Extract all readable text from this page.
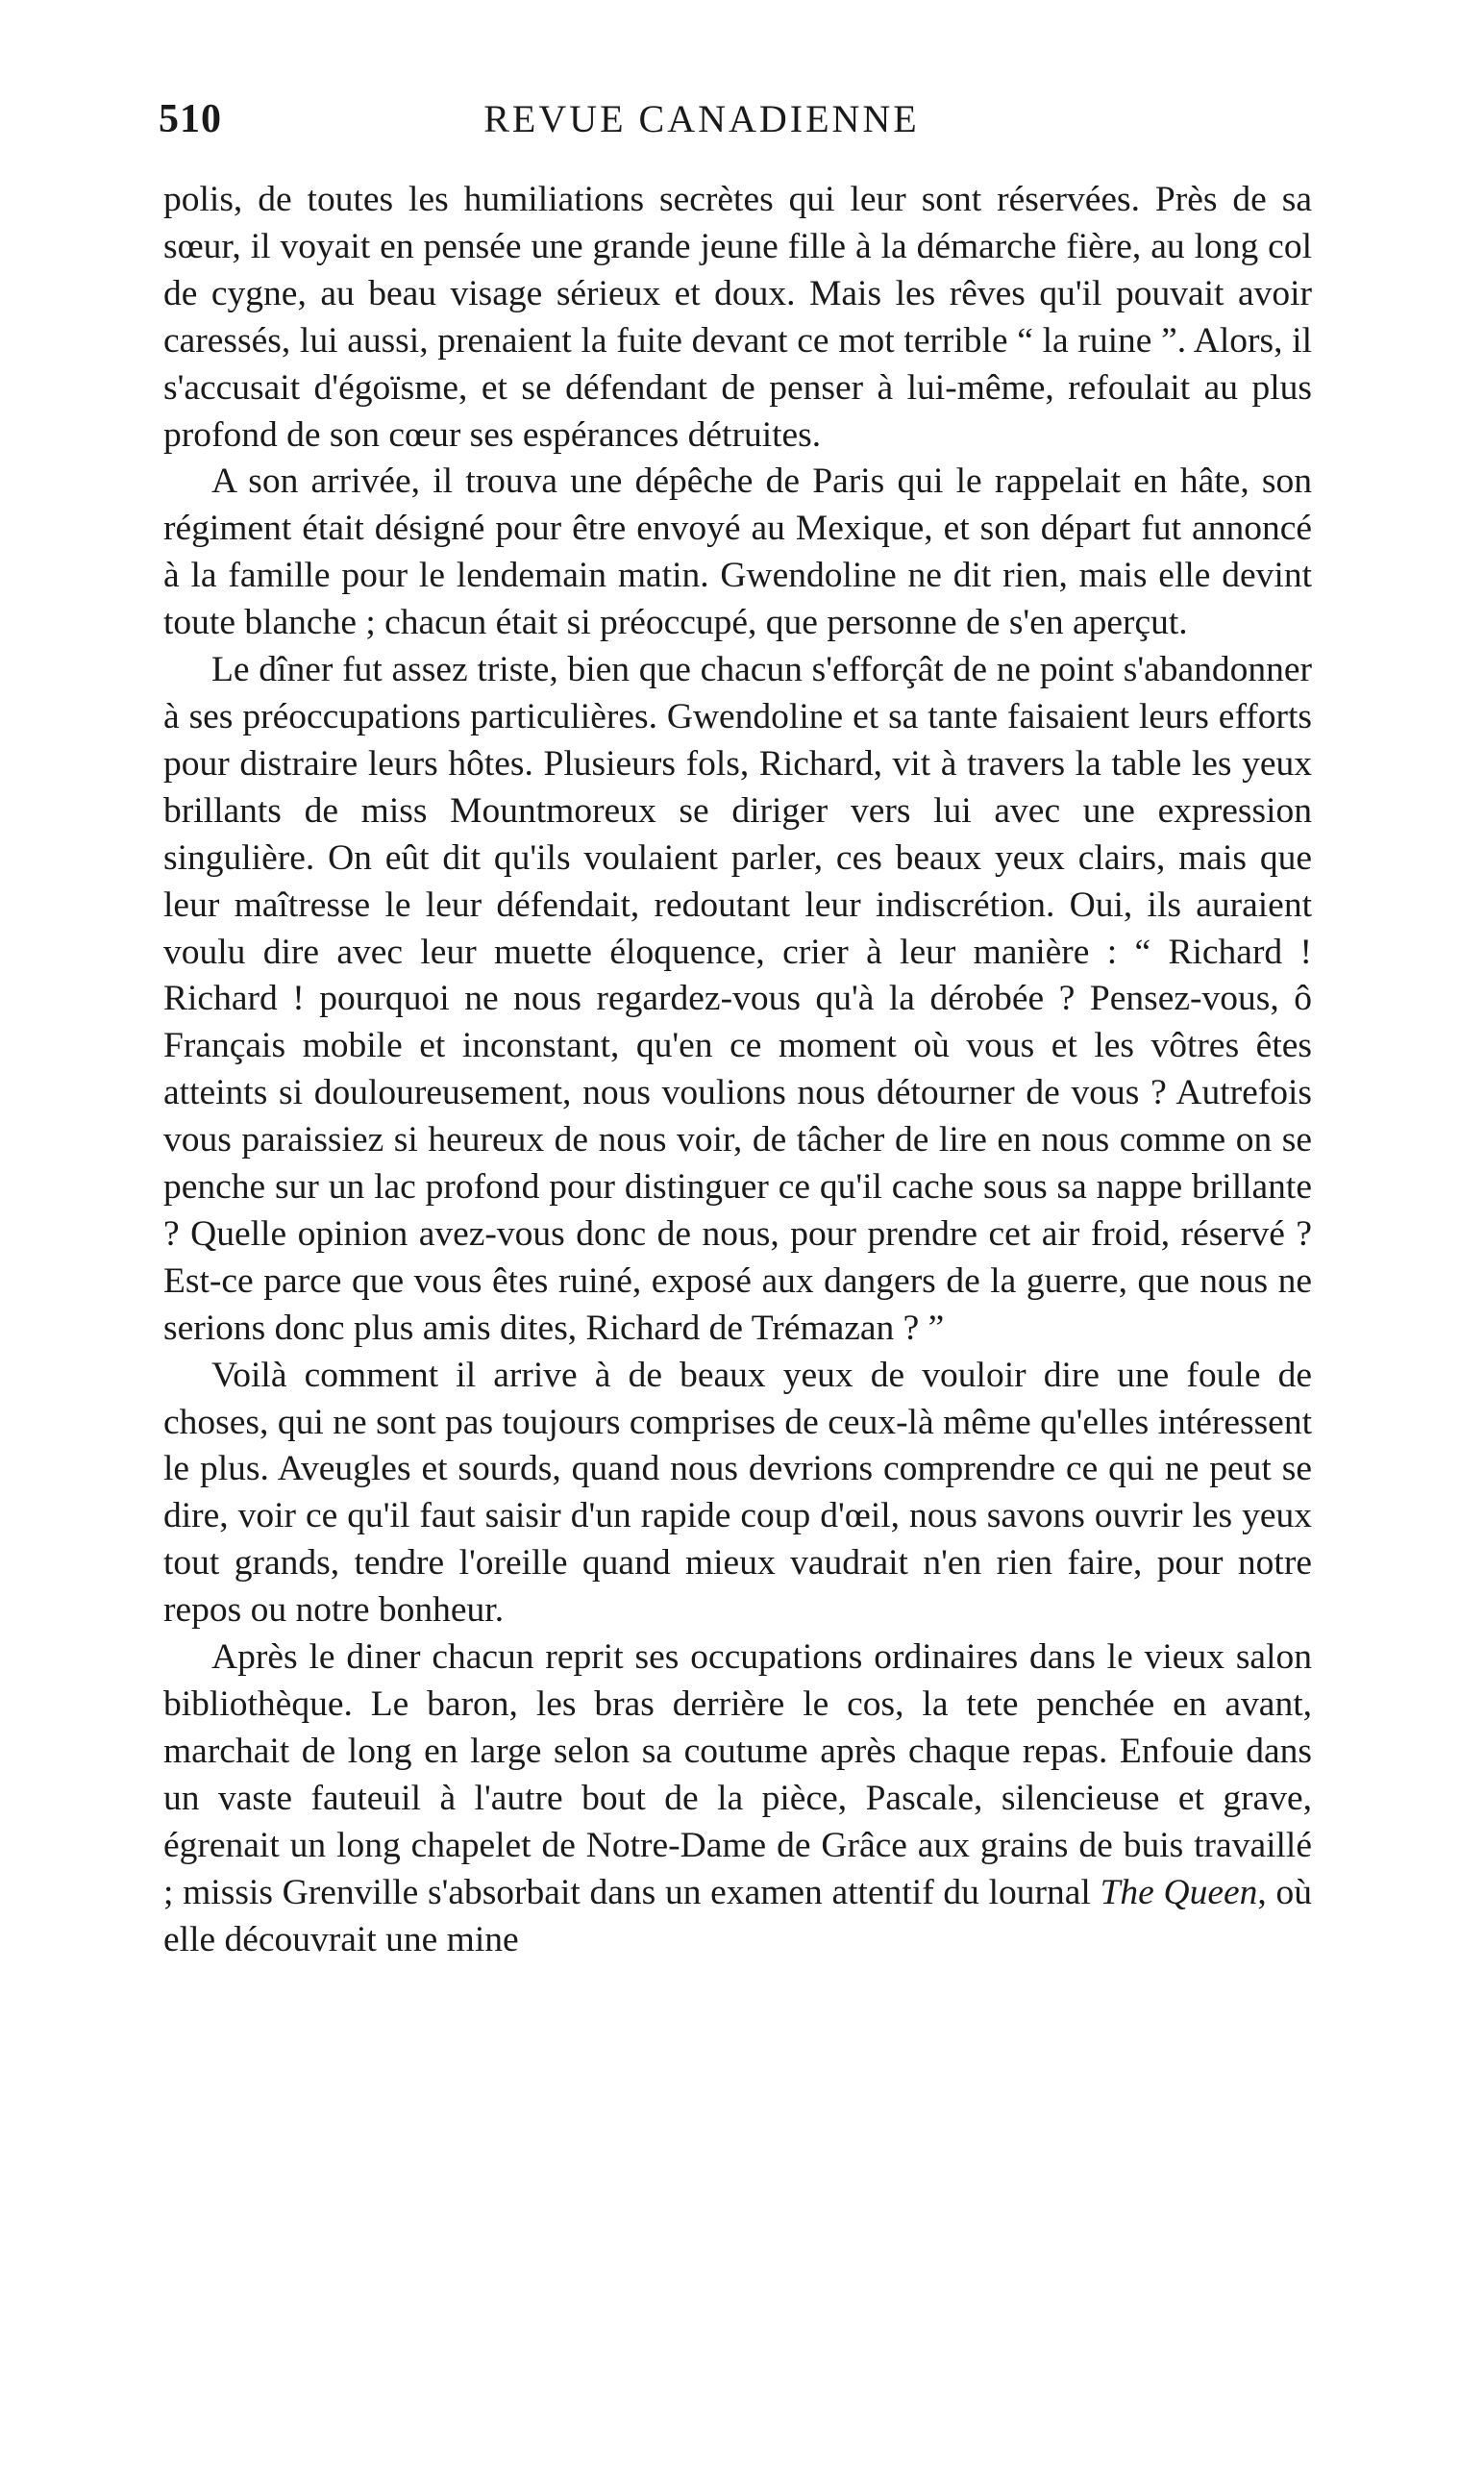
510	REVUE CANADIENNE

polis, de toutes les humiliations secrètes qui leur sont réservées. Près de sa sœur, il voyait en pensée une grande jeune fille à la démarche fière, au long col de cygne, au beau visage sérieux et doux. Mais les rêves qu'il pouvait avoir caressés, lui aussi, prenaient la fuite devant ce mot terrible “ la ruine ”. Alors, il s'accusait d'égoïsme, et se défendant de penser à lui-même, refoulait au plus profond de son cœur ses espérances détruites.

A son arrivée, il trouva une dépêche de Paris qui le rappelait en hâte, son régiment était désigné pour être envoyé au Mexique, et son départ fut annoncé à la famille pour le lendemain matin. Gwendoline ne dit rien, mais elle devint toute blanche ; chacun était si préoccupé, que personne de s'en aperçut.

Le dîner fut assez triste, bien que chacun s'efforçât de ne point s'abandonner à ses préoccupations particulières. Gwendoline et sa tante faisaient leurs efforts pour distraire leurs hôtes. Plusieurs fols, Richard, vit à travers la table les yeux brillants de miss Mountmoreux se diriger vers lui avec une expression singulière. On eût dit qu'ils voulaient parler, ces beaux yeux clairs, mais que leur maîtresse le leur défendait, redoutant leur indiscrétion. Oui, ils auraient voulu dire avec leur muette éloquence, crier à leur manière : “ Richard ! Richard ! pourquoi ne nous regardez-vous qu'à la dérobée ? Pensez-vous, ô Français mobile et inconstant, qu'en ce moment où vous et les vôtres êtes atteints si douloureusement, nous voulions nous détourner de vous ? Autrefois vous paraissiez si heureux de nous voir, de tâcher de lire en nous comme on se penche sur un lac profond pour distinguer ce qu'il cache sous sa nappe brillante ? Quelle opinion avez-vous donc de nous, pour prendre cet air froid, réservé ? Est-ce parce que vous êtes ruiné, exposé aux dangers de la guerre, que nous ne serions donc plus amis dites, Richard de Trémazan ? ”

Voilà comment il arrive à de beaux yeux de vouloir dire une foule de choses, qui ne sont pas toujours comprises de ceux-là même qu'elles intéressent le plus. Aveugles et sourds, quand nous devrions comprendre ce qui ne peut se dire, voir ce qu'il faut saisir d'un rapide coup d'œil, nous savons ouvrir les yeux tout grands, tendre l'oreille quand mieux vaudrait n'en rien faire, pour notre repos ou notre bonheur.

Après le diner chacun reprit ses occupations ordinaires dans le vieux salon bibliothèque. Le baron, les bras derrière le cos, la tete penchée en avant, marchait de long en large selon sa coutume après chaque repas. Enfouie dans un vaste fauteuil à l'autre bout de la pièce, Pascale, silencieuse et grave, égrenait un long chapelet de Notre-Dame de Grâce aux grains de buis travaillé ; missis Grenville s'absorbait dans un examen attentif du lournal The Queen, où elle découvrait une mine
